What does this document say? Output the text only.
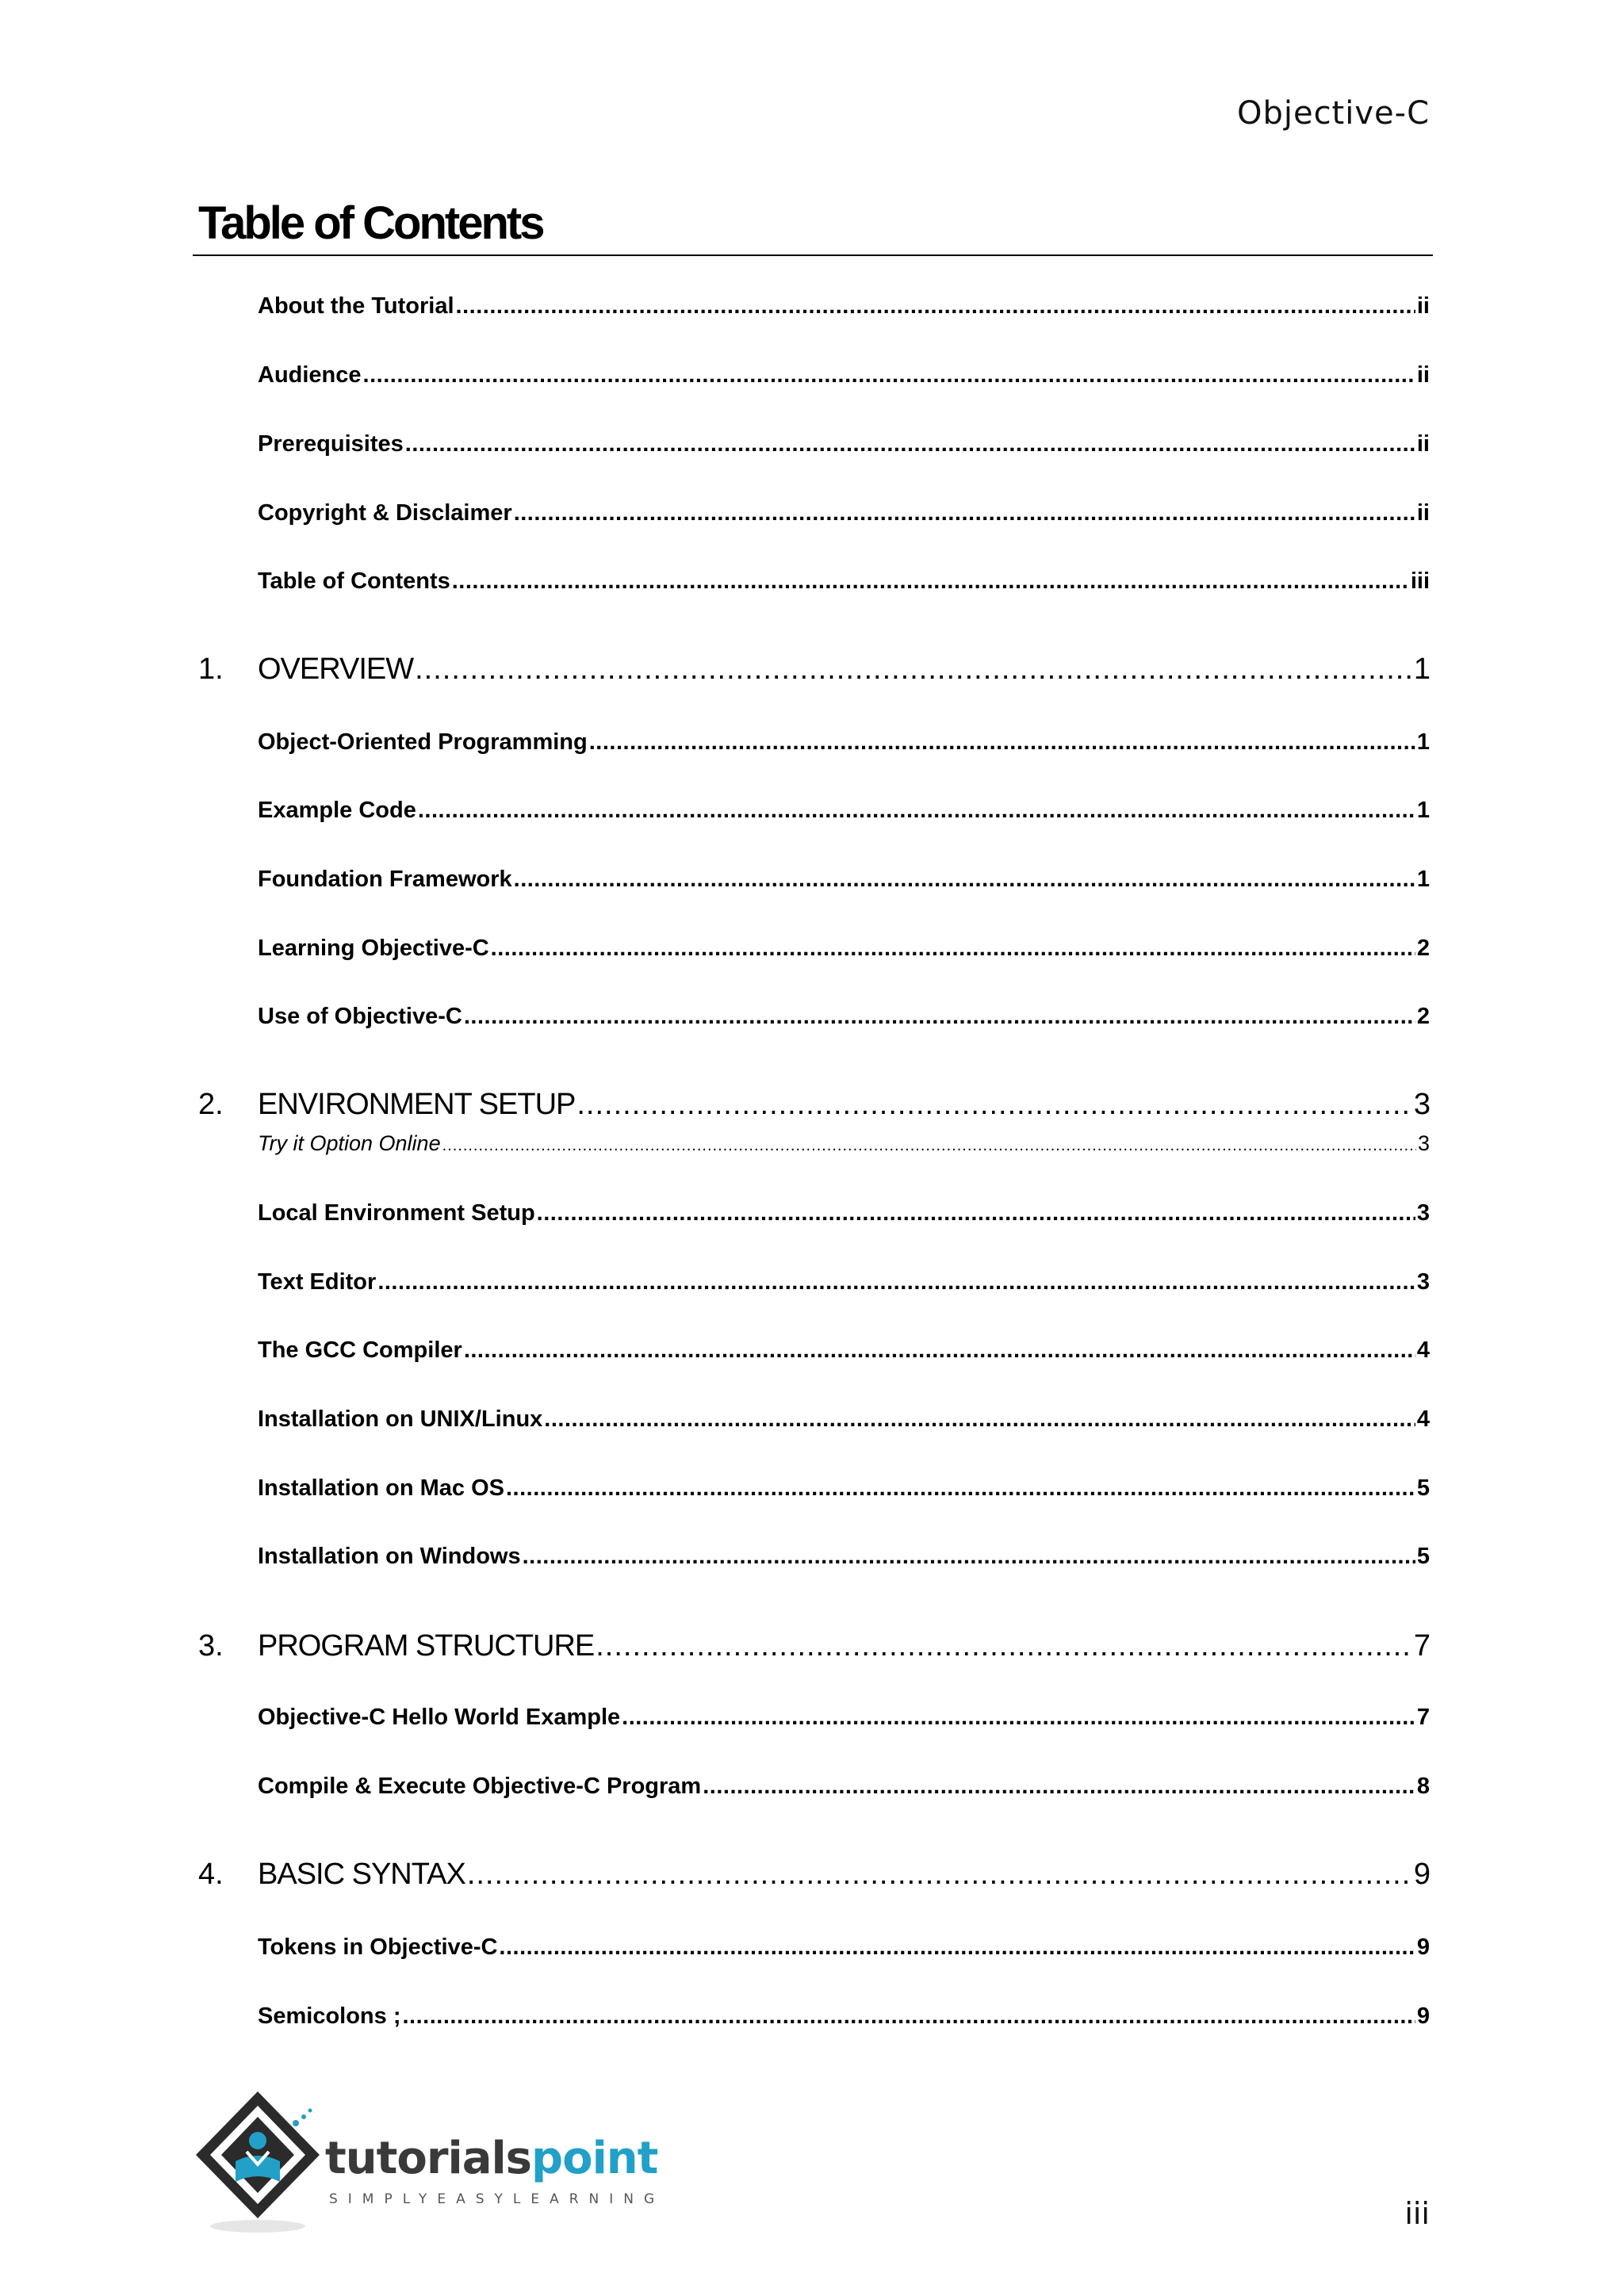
Objective-C
Table of Contents
About the Tutorial .....	ii
Audience .....	ii
Prerequisites .....	ii
Copyright & Disclaimer .....	ii
Table of Contents .....	iii
1. OVERVIEW .....	1
Object-Oriented Programming .....	1
Example Code .....	1
Foundation Framework .....	1
Learning Objective-C .....	2
Use of Objective-C .....	2
2. ENVIRONMENT SETUP .....	3
Try it Option Online .....	3
Local Environment Setup .....	3
Text Editor .....	3
The GCC Compiler .....	4
Installation on UNIX/Linux .....	4
Installation on Mac OS .....	5
Installation on Windows .....	5
3. PROGRAM STRUCTURE .....	7
Objective-C Hello World Example .....	7
Compile & Execute Objective-C Program .....	8
4. BASIC SYNTAX .....	9
Tokens in Objective-C .....	9
Semicolons ; .....	9
tutorialspoint
SIMPLYEASYLEARNING	iii
